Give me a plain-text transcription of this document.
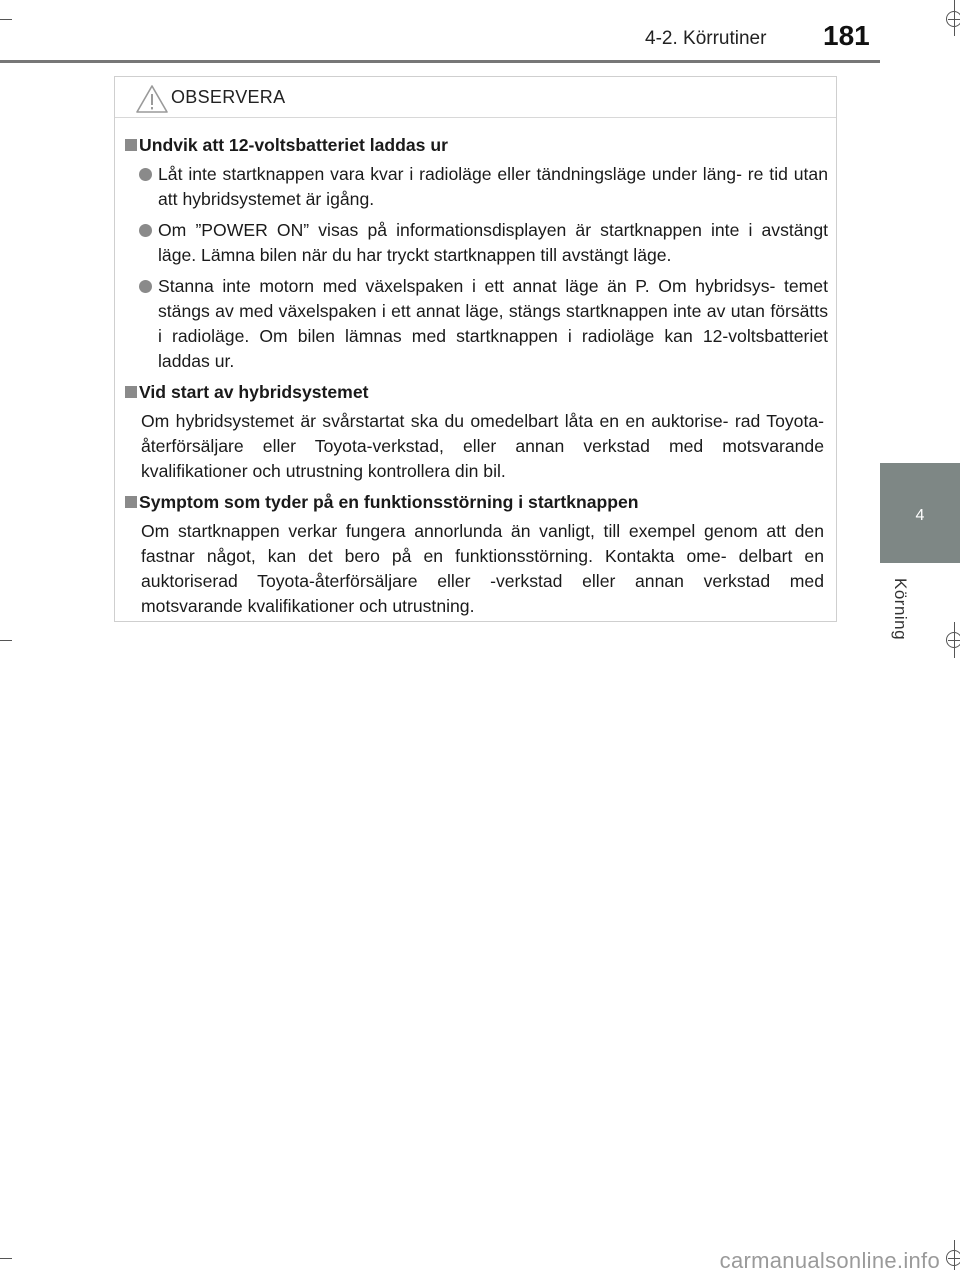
4-2. Körrutiner 181
4
Körning
OBSERVERA
Undvik att 12-voltsbatteriet laddas ur
Låt inte startknappen vara kvar i radioläge eller tändningsläge under läng- re tid utan att hybridsystemet är igång.
Om ”POWER ON” visas på informationsdisplayen är startknappen inte i avstängt läge. Lämna bilen när du har tryckt startknappen till avstängt läge.
Stanna inte motorn med växelspaken i ett annat läge än P. Om hybridsys- temet stängs av med växelspaken i ett annat läge, stängs startknappen inte av utan försätts i radioläge. Om bilen lämnas med startknappen i radioläge kan 12-voltsbatteriet laddas ur.
Vid start av hybridsystemet
Om hybridsystemet är svårstartat ska du omedelbart låta en en auktorise- rad Toyota-återförsäljare eller Toyota-verkstad, eller annan verkstad med motsvarande kvalifikationer och utrustning kontrollera din bil.
Symptom som tyder på en funktionsstörning i startknappen
Om startknappen verkar fungera annorlunda än vanligt, till exempel genom att den fastnar något, kan det bero på en funktionsstörning. Kontakta ome- delbart en auktoriserad Toyota-återförsäljare eller -verkstad eller annan verkstad med motsvarande kvalifikationer och utrustning.
carmanualsonline.info
